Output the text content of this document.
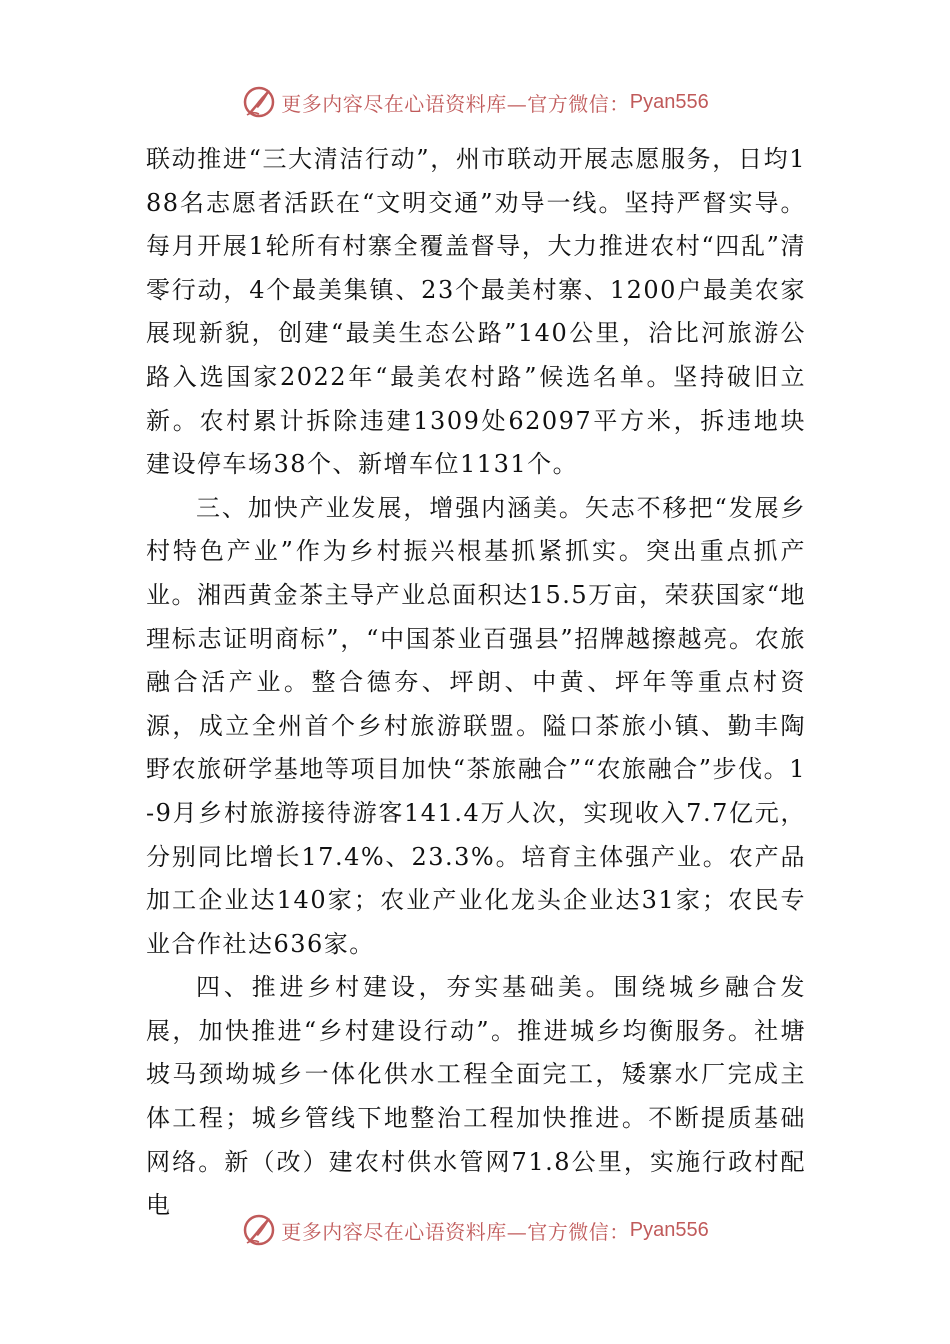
更多内容尽在心语资料库—官方微信： Pyan556

联动推进“三大清洁行动”，州市联动开展志愿服务，日均188名志愿者活跃在“文明交通”劝导一线。坚持严督实导。每月开展1轮所有村寨全覆盖督导，大力推进农村“四乱”清零行动，4个最美集镇、23个最美村寨、1200户最美农家展现新貌，创建“最美生态公路”140公里，洽比河旅游公路入选国家2022年“最美农村路”候选名单。坚持破旧立新。农村累计拆除违建1309处62097平方米，拆违地块建设停车场38个、新增车位1131个。

三、加快产业发展，增强内涵美。矢志不移把“发展乡村特色产业”作为乡村振兴根基抓紧抓实。突出重点抓产业。湘西黄金茶主导产业总面积达15.5万亩，荣获国家“地理标志证明商标”，“中国茶业百强县”招牌越擦越亮。农旅融合活产业。整合德夯、坪朗、中黄、坪年等重点村资源，成立全州首个乡村旅游联盟。隘口茶旅小镇、勤丰陶野农旅研学基地等项目加快“茶旅融合”“农旅融合”步伐。1-9月乡村旅游接待游客141.4万人次，实现收入7.7亿元，分别同比增长17.4%、23.3%。培育主体强产业。农产品加工企业达140家；农业产业化龙头企业达31家；农民专业合作社达636家。

四、推进乡村建设，夯实基础美。围绕城乡融合发展，加快推进“乡村建设行动”。推进城乡均衡服务。社塘坡马颈坳城乡一体化供水工程全面完工，矮寨水厂完成主体工程；城乡管线下地整治工程加快推进。不断提质基础网络。新（改）建农村供水管网71.8公里，实施行政村配电

更多内容尽在心语资料库—官方微信： Pyan556
